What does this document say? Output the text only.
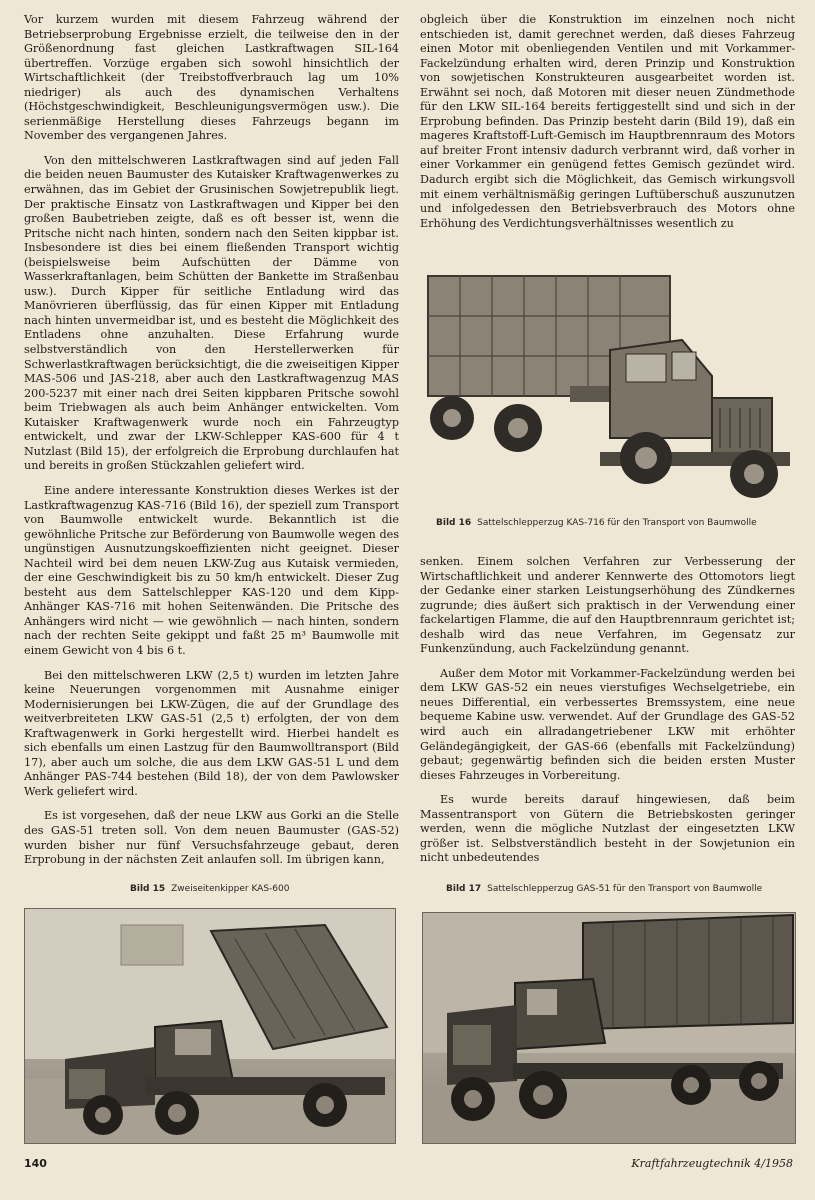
Vor kurzem wurden mit diesem Fahrzeug während der Betriebserprobung Ergebnisse erzielt, die teilweise den in der Größenordnung fast gleichen Lastkraftwagen SIL-164 übertreffen. Vorzüge ergaben sich sowohl hinsichtlich der Wirtschaftlichkeit (der Treibstoffverbrauch lag um 10% niedriger) als auch des dynamischen Verhaltens (Höchstgeschwindigkeit, Beschleunigungsvermögen usw.). Die serienmäßige Herstellung dieses Fahrzeugs begann im November des vergangenen Jahres.

Von den mittelschweren Lastkraftwagen sind auf jeden Fall die beiden neuen Baumuster des Kutaisker Kraftwagenwerkes zu erwähnen, das im Gebiet der Grusinischen Sowjetrepublik liegt. Der praktische Einsatz von Lastkraftwagen und Kipper bei den großen Baubetrieben zeigte, daß es oft besser ist, wenn die Pritsche nicht nach hinten, sondern nach den Seiten kippbar ist. Insbesondere ist dies bei einem fließenden Transport wichtig (beispielsweise beim Aufschütten der Dämme von Wasserkraftanlagen, beim Schütten der Bankette im Straßenbau usw.). Durch Kipper für seitliche Entladung wird das Manövrieren überflüssig, das für einen Kipper mit Entladung nach hinten unvermeidbar ist, und es besteht die Möglichkeit des Entladens ohne anzuhalten. Diese Erfahrung wurde selbstverständlich von den Herstellerwerken für Schwerlastkraftwagen berücksichtigt, die die zweiseitigen Kipper MAS-506 und JAS-218, aber auch den Lastkraftwagenzug MAS 200-5237 mit einer nach drei Seiten kippbaren Pritsche sowohl beim Triebwagen als auch beim Anhänger entwickelten. Vom Kutaisker Kraftwagenwerk wurde noch ein Fahrzeugtyp entwickelt, und zwar der LKW-Schlepper KAS-600 für 4 t Nutzlast (Bild 15), der erfolgreich die Erprobung durchlaufen hat und bereits in großen Stückzahlen geliefert wird.

Eine andere interessante Konstruktion dieses Werkes ist der Lastkraftwagenzug KAS-716 (Bild 16), der speziell zum Transport von Baumwolle entwickelt wurde. Bekanntlich ist die gewöhnliche Pritsche zur Beförderung von Baumwolle wegen des ungünstigen Ausnutzungskoeffizienten nicht geeignet. Dieser Nachteil wird bei dem neuen LKW-Zug aus Kutaisk vermieden, der eine Geschwindigkeit bis zu 50 km/h entwickelt. Dieser Zug besteht aus dem Sattelschlepper KAS-120 und dem Kipp-Anhänger KAS-716 mit hohen Seitenwänden. Die Pritsche des Anhängers wird nicht — wie gewöhnlich — nach hinten, sondern nach der rechten Seite gekippt und faßt 25 m³ Baumwolle mit einem Gewicht von 4 bis 6 t.

Bei den mittelschweren LKW (2,5 t) wurden im letzten Jahre keine Neuerungen vorgenommen mit Ausnahme einiger Modernisierungen bei LKW-Zügen, die auf der Grundlage des weitverbreiteten LKW GAS-51 (2,5 t) erfolgten, der von dem Kraftwagenwerk in Gorki hergestellt wird. Hierbei handelt es sich ebenfalls um einen Lastzug für den Baumwolltransport (Bild 17), aber auch um solche, die aus dem LKW GAS-51 L und dem Anhänger PAS-744 bestehen (Bild 18), der von dem Pawlowsker Werk geliefert wird.

Es ist vorgesehen, daß der neue LKW aus Gorki an die Stelle des GAS-51 treten soll. Von dem neuen Baumuster (GAS-52) wurden bisher nur fünf Versuchsfahrzeuge gebaut, deren Erprobung in der nächsten Zeit anlaufen soll. Im übrigen kann,

obgleich über die Konstruktion im einzelnen noch nicht entschieden ist, damit gerechnet werden, daß dieses Fahrzeug einen Motor mit obenliegenden Ventilen und mit Vorkammer-Fackelzündung erhalten wird, deren Prinzip und Konstruktion von sowjetischen Konstrukteuren ausgearbeitet worden ist. Erwähnt sei noch, daß Motoren mit dieser neuen Zündmethode für den LKW SIL-164 bereits fertiggestellt sind und sich in der Erprobung befinden. Das Prinzip besteht darin (Bild 19), daß ein mageres Kraftstoff-Luft-Gemisch im Hauptbrennraum des Motors auf breiter Front intensiv dadurch verbrannt wird, daß vorher in einer Vorkammer ein genügend fettes Gemisch gezündet wird. Dadurch ergibt sich die Möglichkeit, das Gemisch wirkungsvoll mit einem verhältnismäßig geringen Luftüberschuß auszunutzen und infolgedessen den Betriebsverbrauch des Motors ohne Erhöhung des Verdichtungsverhältnisses wesentlich zu

Bild 16 Sattelschlepperzug KAS-716 für den Transport von Baumwolle

senken. Einem solchen Verfahren zur Verbesserung der Wirtschaftlichkeit und anderer Kennwerte des Ottomotors liegt der Gedanke einer starken Leistungserhöhung des Zündkernes zugrunde; dies äußert sich praktisch in der Verwendung einer fackelartigen Flamme, die auf den Hauptbrennraum gerichtet ist; deshalb wird das neue Verfahren, im Gegensatz zur Funkenzündung, auch Fackelzündung genannt.

Außer dem Motor mit Vorkammer-Fackelzündung werden bei dem LKW GAS-52 ein neues vierstufiges Wechselgetriebe, ein neues Differential, ein verbessertes Bremssystem, eine neue bequeme Kabine usw. verwendet. Auf der Grundlage des GAS-52 wird auch ein allradangetriebener LKW mit erhöhter Geländegängigkeit, der GAS-66 (ebenfalls mit Fackelzündung) gebaut; gegenwärtig befinden sich die beiden ersten Muster dieses Fahrzeuges in Vorbereitung.

Es wurde bereits darauf hingewiesen, daß beim Massentransport von Gütern die Betriebskosten geringer werden, wenn die mögliche Nutzlast der eingesetzten LKW größer ist. Selbstverständlich besteht in der Sowjetunion ein nicht unbedeutendes

Bild 15 Zweiseitenkipper KAS-600	Bild 17 Sattelschlepperzug GAS-51 für den Transport von Baumwolle
140	Kraftfahrzeugtechnik 4/1958
